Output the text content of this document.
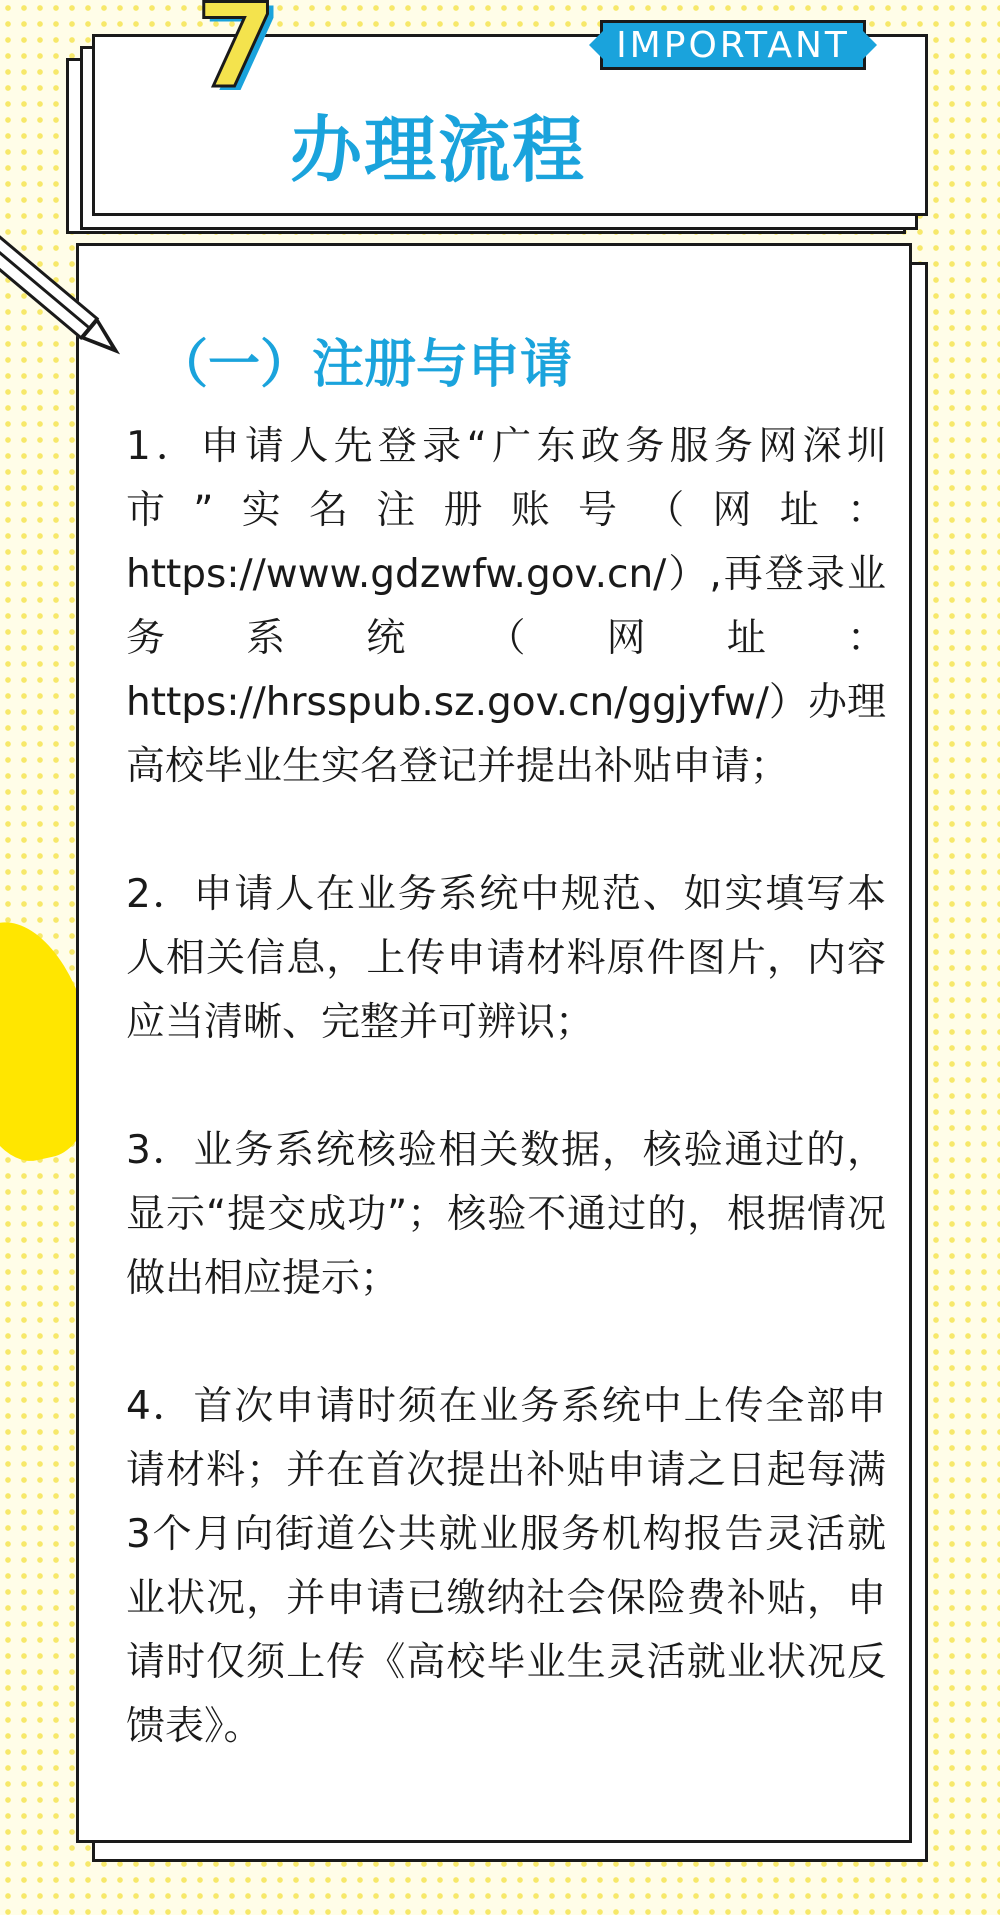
7	IMPORTANT
办理流程
（一）注册与申请

1．申请人先登录“广东政务服务网深圳市”实名注册账号（网址：https://www.gdzwfw.gov.cn/）,再登录业务系统（网址：https://hrsspub.sz.gov.cn/ggjyfw/）办理高校毕业生实名登记并提出补贴申请；

2．申请人在业务系统中规范、如实填写本人相关信息，上传申请材料原件图片，内容应当清晰、完整并可辨识；

3．业务系统核验相关数据，核验通过的，显示“提交成功”；核验不通过的，根据情况做出相应提示；

4．首次申请时须在业务系统中上传全部申请材料；并在首次提出补贴申请之日起每满3个月向街道公共就业服务机构报告灵活就业状况，并申请已缴纳社会保险费补贴，申请时仅须上传《高校毕业生灵活就业状况反馈表》。
